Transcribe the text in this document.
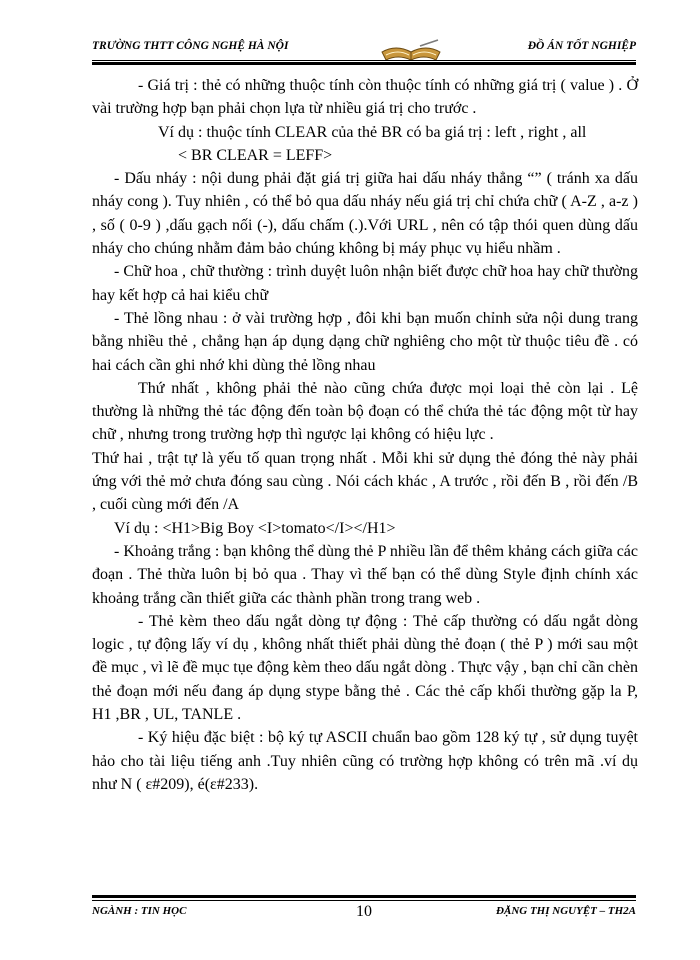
TRƯỜNG THTT CÔNG NGHỆ HÀ NỘI	ĐỒ ÁN TỐT NGHIỆP

- Giá trị : thẻ có những thuộc tính còn thuộc tính có những giá trị ( value ) . Ở vài trường hợp bạn phải chọn lựa từ nhiều giá trị cho trước .

Ví dụ : thuộc tính CLEAR của thẻ BR có ba giá trị : left , right , all

< BR CLEAR = LEFF>

- Dấu nháy : nội dung phải đặt giá trị giữa hai dấu nháy thẳng “” ( tránh xa dấu nháy cong ). Tuy nhiên , có thể bỏ qua dấu nháy nếu giá trị chỉ chứa chữ ( A-Z , a-z ) , số ( 0-9 ) ,dấu gạch nối (-), dấu chấm (.).Với URL , nên có tập thói quen dùng dấu nháy cho chúng nhằm đảm bảo chúng không bị máy phục vụ hiểu nhầm .

- Chữ hoa , chữ thường : trình duyệt luôn nhận biết được chữ hoa hay chữ thường hay kết hợp cả hai kiểu chữ

- Thẻ lồng nhau : ở vài trường hợp , đôi khi bạn muốn chỉnh sửa nội dung trang bằng nhiều thẻ , chẳng hạn áp dụng dạng chữ nghiêng cho một từ thuộc tiêu đề . có hai cách cần ghi nhớ khi dùng thẻ lồng nhau

Thứ nhất , không phải thẻ nào cũng chứa được mọi loại thẻ còn lại . Lệ thường là những thẻ tác động đến toàn bộ đoạn có thể chứa thẻ tác động một từ hay chữ , nhưng trong trường hợp thì ngược lại không có hiệu lực .

Thứ hai , trật tự là yếu tố quan trọng nhất . Mỗi khi sử dụng thẻ đóng thẻ này phải ứng với thẻ mở chưa đóng sau cùng . Nói cách khác , A trước , rồi đến B , rồi đến /B , cuối cùng mới đến /A

Ví dụ : <H1>Big Boy <I>tomato</I></H1>

- Khoảng trắng : bạn không thể dùng thẻ P nhiều lần để thêm khảng cách giữa các đoạn . Thẻ thừa luôn bị bỏ qua . Thay vì thế bạn có thể dùng Style định chính xác khoảng trắng cần thiết giữa các thành phần trong trang web .

- Thẻ kèm theo dấu ngắt dòng tự động : Thẻ cấp thường có dấu ngắt dòng logic , tự động lấy ví dụ , không nhất thiết phải dùng thẻ đoạn ( thẻ P ) mới sau một đề mục , vì lẽ đề mục tụe động kèm theo dấu ngắt dòng . Thực vậy , bạn chỉ cần chèn thẻ đoạn mới nếu đang áp dụng stype bằng thẻ . Các thẻ cấp khối thường gặp la P, H1 ,BR , UL, TANLE .

- Ký hiệu đặc biệt : bộ ký tự ASCII chuẩn bao gồm 128 ký tự , sử dụng tuyệt hảo cho tài liệu tiếng anh .Tuy nhiên cũng có trường hợp không có trên mã .ví dụ như N ( ε#209), é(ε#233).

NGÀNH : TIN HỌC	10	ĐẶNG THỊ NGUYỆT – TH2A
